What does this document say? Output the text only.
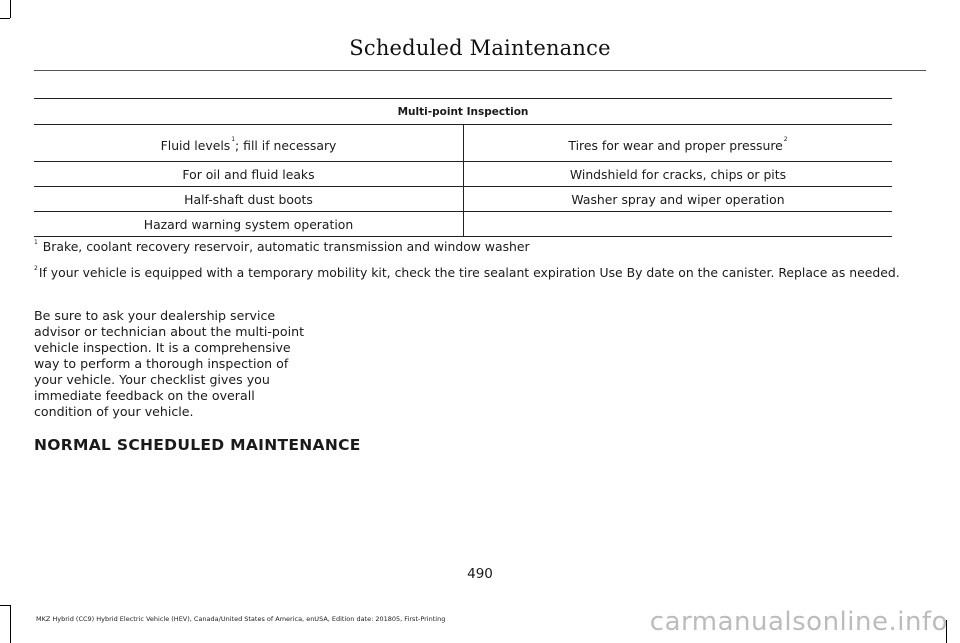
Scheduled Maintenance
Multi-point Inspection	
Fluid levels$^1$; fill if necessary	Tires for wear and proper pressure$^2$
For oil and fluid leaks	Windshield for cracks, chips or pits
Half-shaft dust boots	Washer spray and wiper operation
Hazard warning system operation	
$^1$ Brake, coolant recovery reservoir, automatic transmission and window washer
$^2$If your vehicle is equipped with a temporary mobility kit, check the tire sealant expiration Use By date on the canister. Replace as needed.
Be sure to ask your dealership service advisor or technician about the multi-point vehicle inspection. It is a comprehensive way to perform a thorough inspection of your vehicle. Your checklist gives you immediate feedback on the overall condition of your vehicle.
NORMAL SCHEDULED MAINTENANCE
490
MKZ Hybrid (CC9) Hybrid Electric Vehicle (HEV), Canada/United States of America, enUSA, Edition date: 201805, First-Printing	carmanualsonline.info
